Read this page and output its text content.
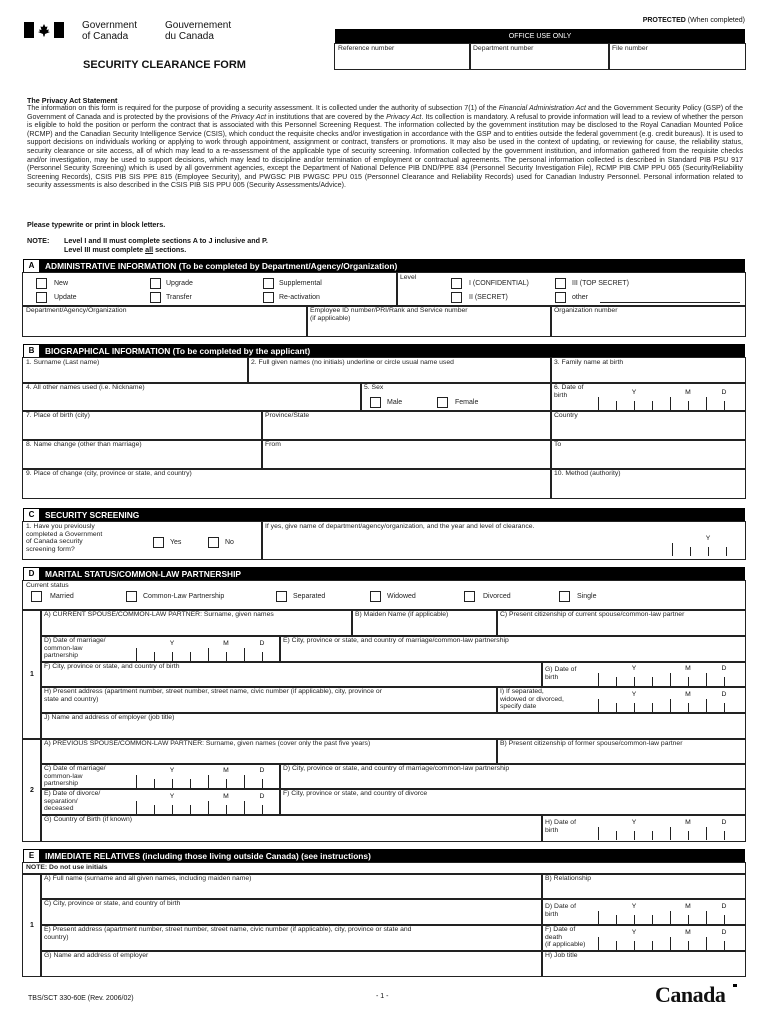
Government
of Canada
Gouvernement
du Canada
SECURITY CLEARANCE FORM
PROTECTED (When completed)
OFFICE USE ONLY
Reference number	Department number	File number
The Privacy Act Statement
The information on this form is required for the purpose of providing a security assessment. It is collected under the authority of subsection 7(1) of the Financial Administration Act and the Government Security Policy (GSP) of the Government of Canada and is protected by the provisions of the Privacy Act in institutions that are covered by the Privacy Act. Its collection is mandatory. A refusal to provide information will lead to a review of whether the person is eligible to hold the position or perform the contract that is associated with this Personnel Screening Request. The information collected by the government institution may be disclosed to the Royal Canadian Mounted Police (RCMP) and the Canadian Security Intelligence Service (CSIS), which conduct the requisite checks and/or investigation in accordance with the GSP and to entities outside the federal government (e.g. credit bureaus). It is used to support decisions on individuals working or applying to work through appointment, assignment or contract, transfers or promotions. It may also be used in the context of updating, or reviewing for cause, the reliability status, security clearance or site access, all of which may lead to a re-assessment of the applicable type of security screening. Information collected by the government institution, and information gathered from the requisite checks and/or investigation, may be used to support decisions, which may lead to discipline and/or termination of employment or contractual agreements. The personal information collected is described in Standard PIB PSU 917 (Personnel Security Screening) which is used by all government agencies, except the Department of National Defence PIB DND/PPE 834 (Personnel Security Investigation File), RCMP PIB CMP PPU 065 (Security/Reliability Screening Records), CSIS PIB SIS PPE 815 (Employee Security), and PWGSC PIB PWGSC PPU 015 (Personnel Clearance and Reliability Records) used for Canadian Industry Personnel. Personal information related to security assessments is also described in the CSIS PIB SIS PPU 005 (Security Assessments/Advice).
Please typewrite or print in block letters.
NOTE: Level I and II must complete sections A to J inclusive and P.
Level III must complete all sections.
A	ADMINISTRATIVE INFORMATION (To be completed by Department/Agency/Organization)
Level
New	Upgrade	Supplemental
Update	Transfer	Re-activation
I (CONFIDENTIAL)	III (TOP SECRET)
II (SECRET)	other
Department/Agency/Organization	Employee ID number/PRI/Rank and Service number
(if applicable)
Organization number
B	BIOGRAPHICAL INFORMATION (To be completed by the applicant)
1. Surname (Last name)	2. Full given names (no initials) underline or circle usual name used	3. Family name at birth
4. All other names used (i.e. Nickname)	5. Sex
Male	Female
6. Date of
birth	Y	M	D
7. Place of birth (city)	Province/State	Country
8. Name change (other than marriage)	From	To
9. Place of change (city, province or state, and country)	10. Method (authority)
C	SECURITY SCREENING
1. Have you previously
completed a Government
of Canada security
screening form?
Yes	No
If yes, give name of department/agency/organization, and the year and level of clearance.
Y
D	MARITAL STATUS/COMMON-LAW PARTNERSHIP
Current status
Married	Common-Law Partnership	Separated	Widowed	Divorced	Single
1
A) CURRENT SPOUSE/COMMON-LAW PARTNER: Surname, given names	B) Maiden Name (if applicable)	C) Present citizenship of current spouse/common-law partner
D) Date of marriage/
common-law
partnership
Y	M	D	E) City, province or state, and country of marriage/common-law partnership
F) City, province or state, and country of birth	G) Date of
birth
Y	M	D
H) Present address (apartment number, street number, street name, civic number (if applicable), city, province or
state and country)
I) If separated,
widowed or divorced,
specify date
Y	M	D
J) Name and address of employer (job title)
2
A) PREVIOUS SPOUSE/COMMON-LAW PARTNER: Surname, given names (cover only the past five years)	B) Present citizenship of former spouse/common-law partner
C) Date of marriage/
common-law
partnership
Y	M	D	D) City, province or state, and country of marriage/common-law partnership
E) Date of divorce/
separation/
deceased
Y	M	D	F) City, province or state, and country of divorce
G) Country of Birth (if known)	H) Date of
birth
Y	M	D
E	IMMEDIATE RELATIVES (including those living outside Canada) (see instructions)
NOTE: Do not use initials
1
A) Full name (surname and all given names, including maiden name)	B) Relationship
C) City, province or state, and country of birth	D) Date of
birth
Y	M	D
E) Present address (apartment number, street number, street name, civic number (if applicable), city, province or state and
country)
F) Date of
death
(if applicable)
Y	M	D
G) Name and address of employer	H) Job title
TBS/SCT 330-60E (Rev. 2006/02)	- 1 -	Canada
